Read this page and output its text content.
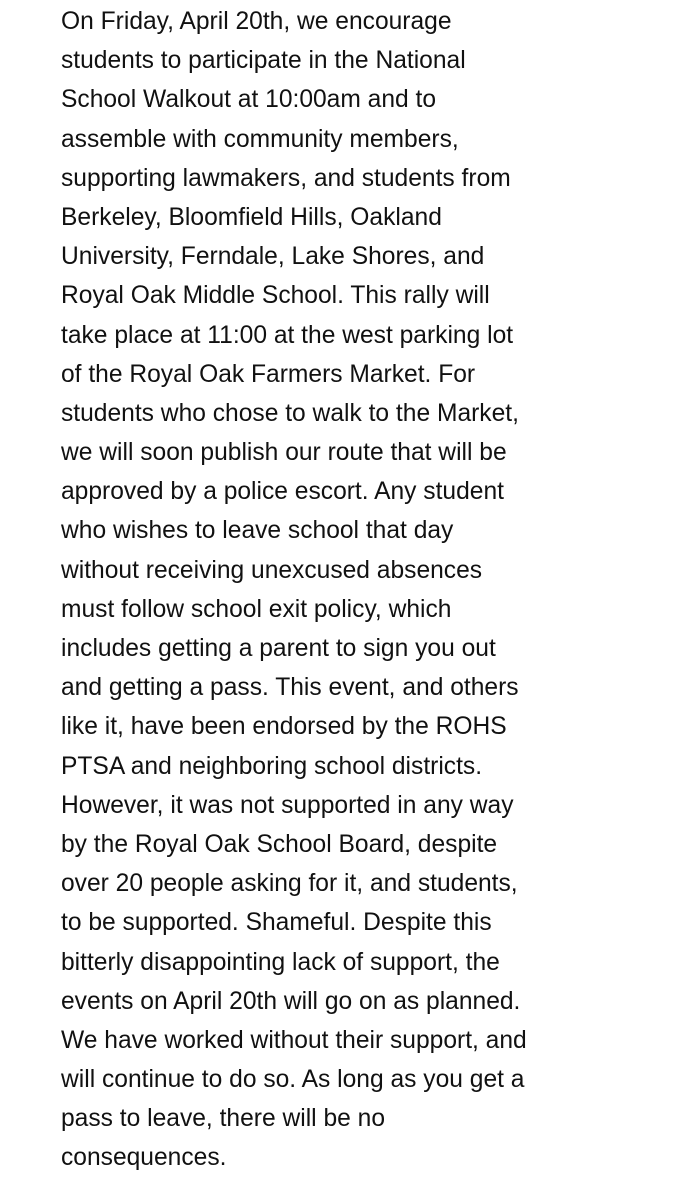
On Friday, April 20th, we encourage
students to participate in the National
School Walkout at 10:00am and to
assemble with community members,
supporting lawmakers, and students from
Berkeley, Bloomfield Hills, Oakland
University, Ferndale, Lake Shores, and
Royal Oak Middle School. This rally will
take place at 11:00 at the west parking lot
of the Royal Oak Farmers Market. For
students who chose to walk to the Market,
we will soon publish our route that will be
approved by a police escort. Any student
who wishes to leave school that day
without receiving unexcused absences
must follow school exit policy, which
includes getting a parent to sign you out
and getting a pass. This event, and others
like it, have been endorsed by the ROHS
PTSA and neighboring school districts.
However, it was not supported in any way
by the Royal Oak School Board, despite
over 20 people asking for it, and students,
to be supported. Shameful. Despite this
bitterly disappointing lack of support, the
events on April 20th will go on as planned.
We have worked without their support, and
will continue to do so. As long as you get a
pass to leave, there will be no
consequences.
